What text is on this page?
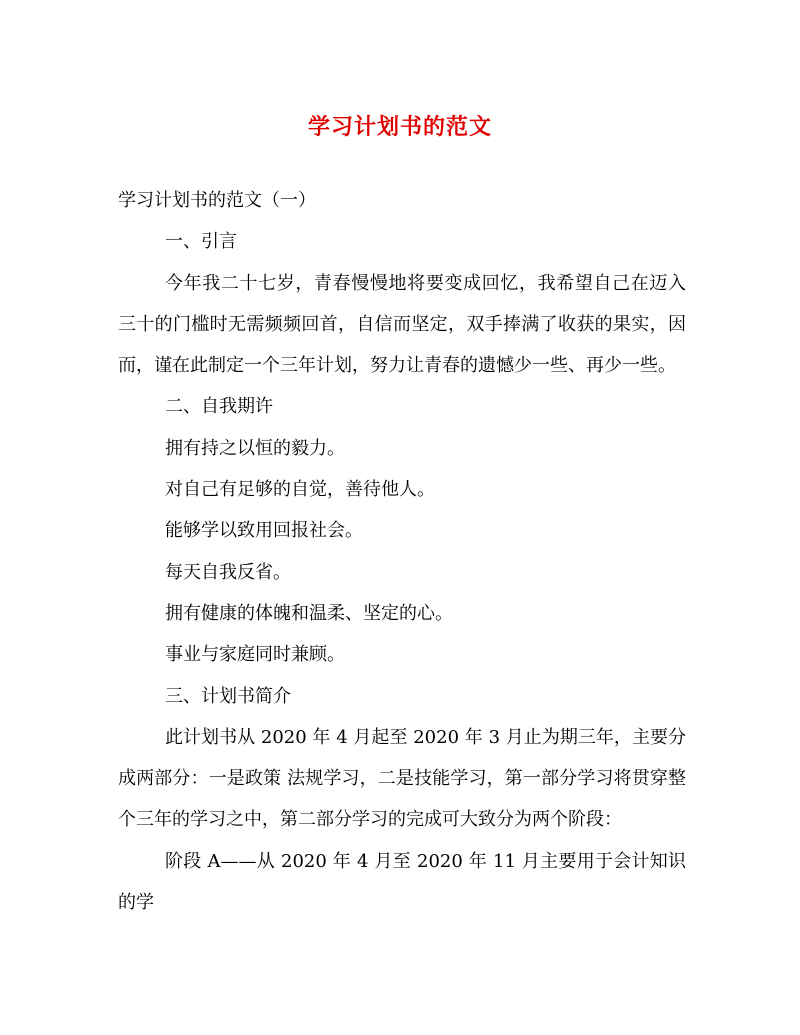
学习计划书的范文

学习计划书的范文（一）

一、引言

今年我二十七岁，青春慢慢地将要变成回忆，我希望自己在迈入三十的门槛时无需频频回首，自信而坚定，双手捧满了收获的果实，因而，谨在此制定一个三年计划，努力让青春的遗憾少一些、再少一些。

二、自我期许

拥有持之以恒的毅力。

对自己有足够的自觉，善待他人。

能够学以致用回报社会。

每天自我反省。

拥有健康的体魄和温柔、坚定的心。

事业与家庭同时兼顾。

三、计划书简介

此计划书从 2020 年 4 月起至 2020 年 3 月止为期三年，主要分成两部分：一是政策 法规学习，二是技能学习，第一部分学习将贯穿整个三年的学习之中，第二部分学习的完成可大致分为两个阶段：

阶段 A——从 2020 年 4 月至 2020 年 11 月主要用于会计知识的学
